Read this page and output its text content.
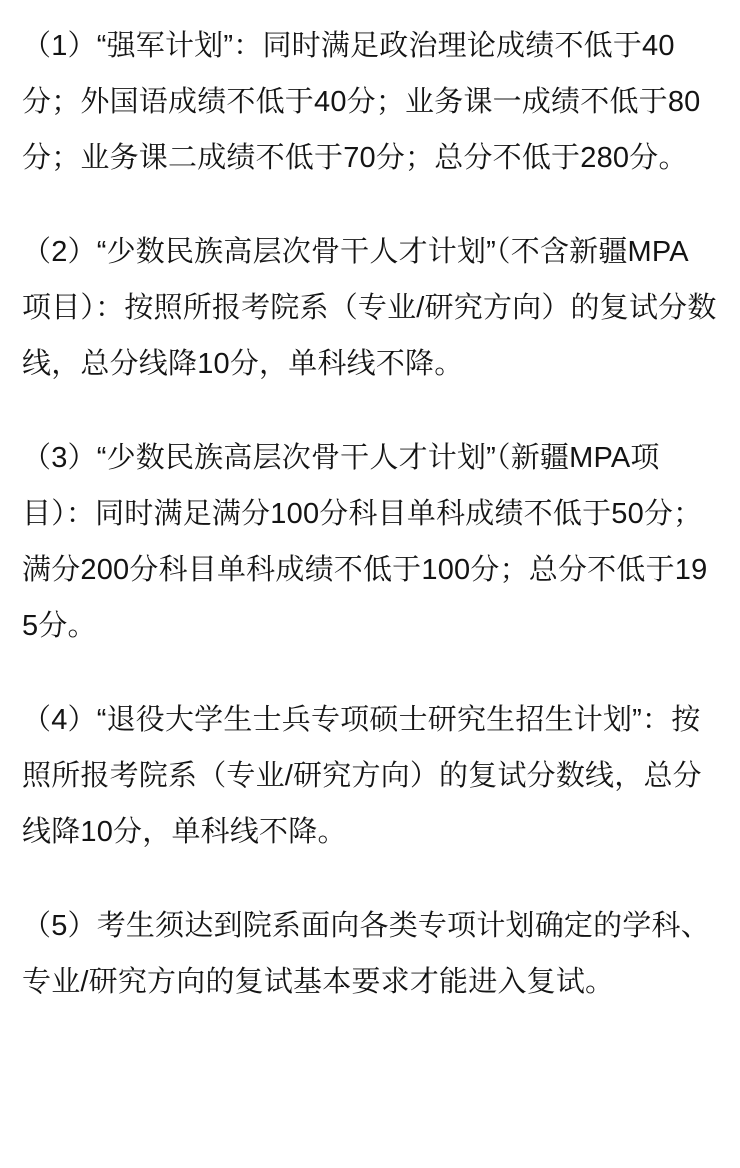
（1）“强军计划”：同时满足政治理论成绩不低于40分；外国语成绩不低于40分；业务课一成绩不低于80分；业务课二成绩不低于70分；总分不低于280分。

（2）“少数民族高层次骨干人才计划”（不含新疆MPA项目）：按照所报考院系（专业/研究方向）的复试分数线，总分线降10分，单科线不降。

（3）“少数民族高层次骨干人才计划”（新疆MPA项目）：同时满足满分100分科目单科成绩不低于50分；满分200分科目单科成绩不低于100分；总分不低于195分。

（4）“退役大学生士兵专项硕士研究生招生计划”：按照所报考院系（专业/研究方向）的复试分数线，总分线降10分，单科线不降。

（5）考生须达到院系面向各类专项计划确定的学科、专业/研究方向的复试基本要求才能进入复试。
